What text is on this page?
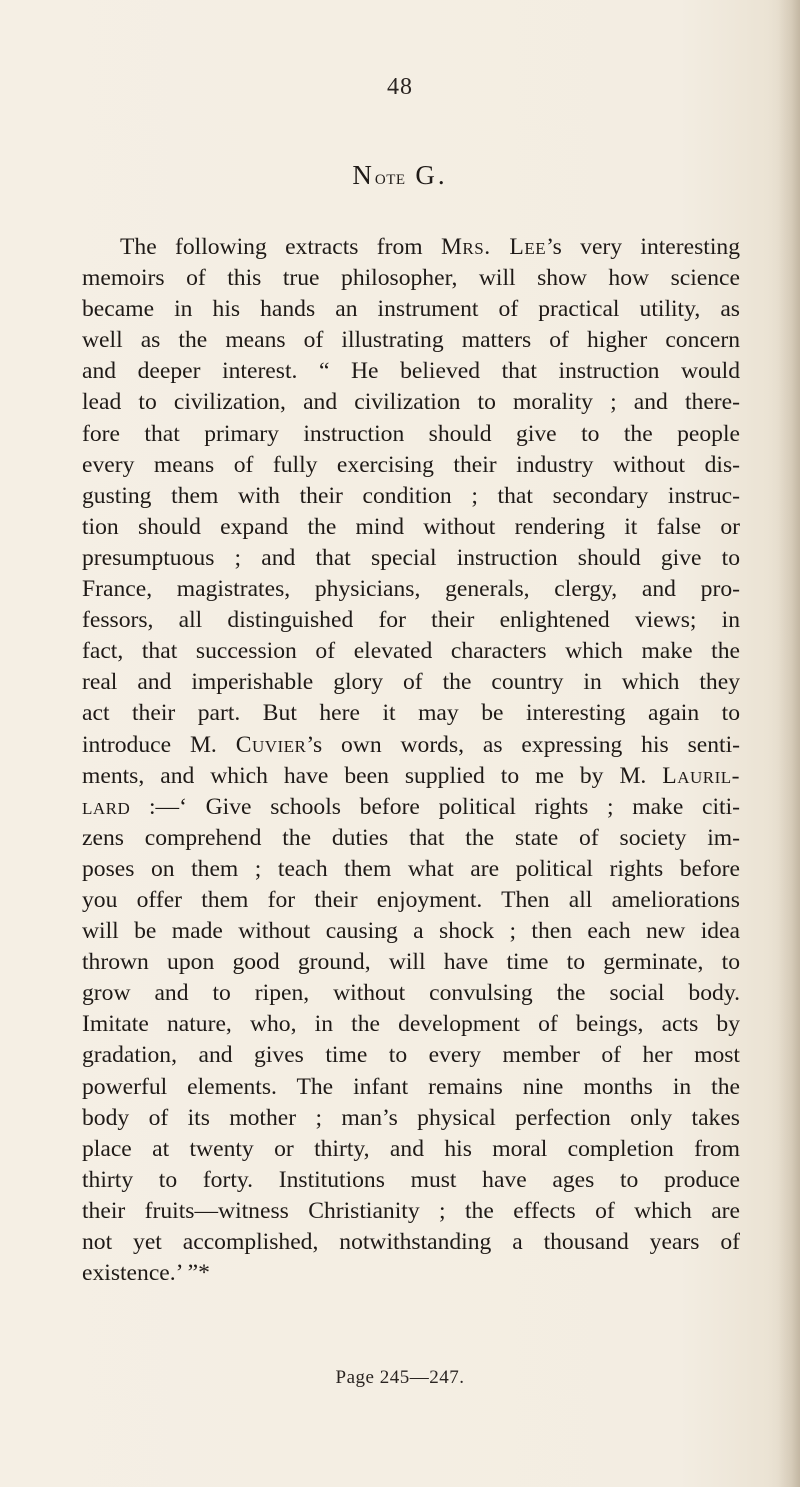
48
Note G.
The following extracts from Mrs. Lee’s very interesting
memoirs of this true philosopher, will show how science
became in his hands an instrument of practical utility, as
well as the means of illustrating matters of higher concern
and deeper interest. “ He believed that instruction would
lead to civilization, and civilization to morality ; and there-
fore that primary instruction should give to the people
every means of fully exercising their industry without dis-
gusting them with their condition ; that secondary instruc-
tion should expand the mind without rendering it false or
presumptuous ; and that special instruction should give to
France, magistrates, physicians, generals, clergy, and pro-
fessors, all distinguished for their enlightened views; in
fact, that succession of elevated characters which make the
real and imperishable glory of the country in which they
act their part. But here it may be interesting again to
introduce M. Cuvier’s own words, as expressing his senti-
ments, and which have been supplied to me by M. Lauril-
lard :—‘ Give schools before political rights ; make citi-
zens comprehend the duties that the state of society im-
poses on them ; teach them what are political rights before
you offer them for their enjoyment. Then all ameliorations
will be made without causing a shock ; then each new idea
thrown upon good ground, will have time to germinate, to
grow and to ripen, without convulsing the social body.
Imitate nature, who, in the development of beings, acts by
gradation, and gives time to every member of her most
powerful elements. The infant remains nine months in the
body of its mother ; man’s physical perfection only takes
place at twenty or thirty, and his moral completion from
thirty to forty. Institutions must have ages to produce
their fruits—witness Christianity ; the effects of which are
not yet accomplished, notwithstanding a thousand years of
existence.’ ”*
Page 245—247.
